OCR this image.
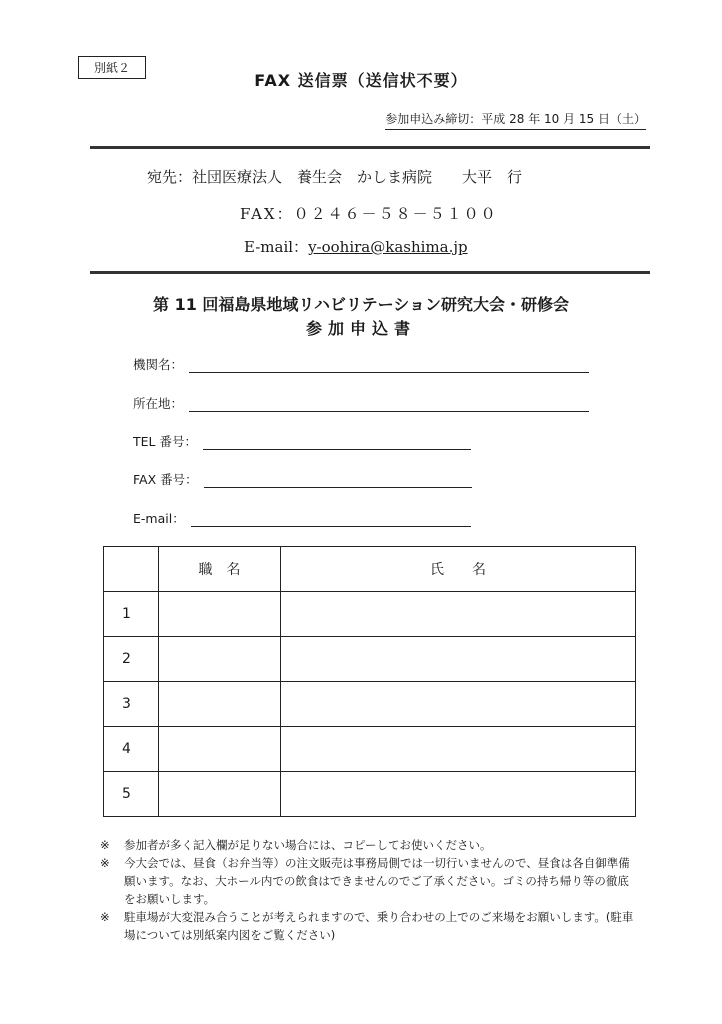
別紙２
FAX 送信票（送信状不要）
参加申込み締切：平成 28 年 10 月 15 日（土）
宛先：社団医療法人　養生会　かしま病院　　大平　行
FAX：０２４６－５８－５１００
E-mail：y-oohira@kashima.jp
第 11 回福島県地域リハビリテーション研究大会・研修会
参加申込書
機関名：
所在地：
TEL 番号：
FAX 番号：
E-mail：
	職　名	氏　　名
1		
2		
3		
4		
5		
※	参加者が多く記入欄が足りない場合には、コピーしてお使いください。
※	今大会では、昼食（お弁当等）の注文販売は事務局側では一切行いませんので、昼食は各自御準備願います。なお、大ホール内での飲食はできませんのでご了承ください。ゴミの持ち帰り等の徹底をお願いします。
※	駐車場が大変混み合うことが考えられますので、乗り合わせの上でのご来場をお願いします。(駐車場については別紙案内図をご覧ください)
